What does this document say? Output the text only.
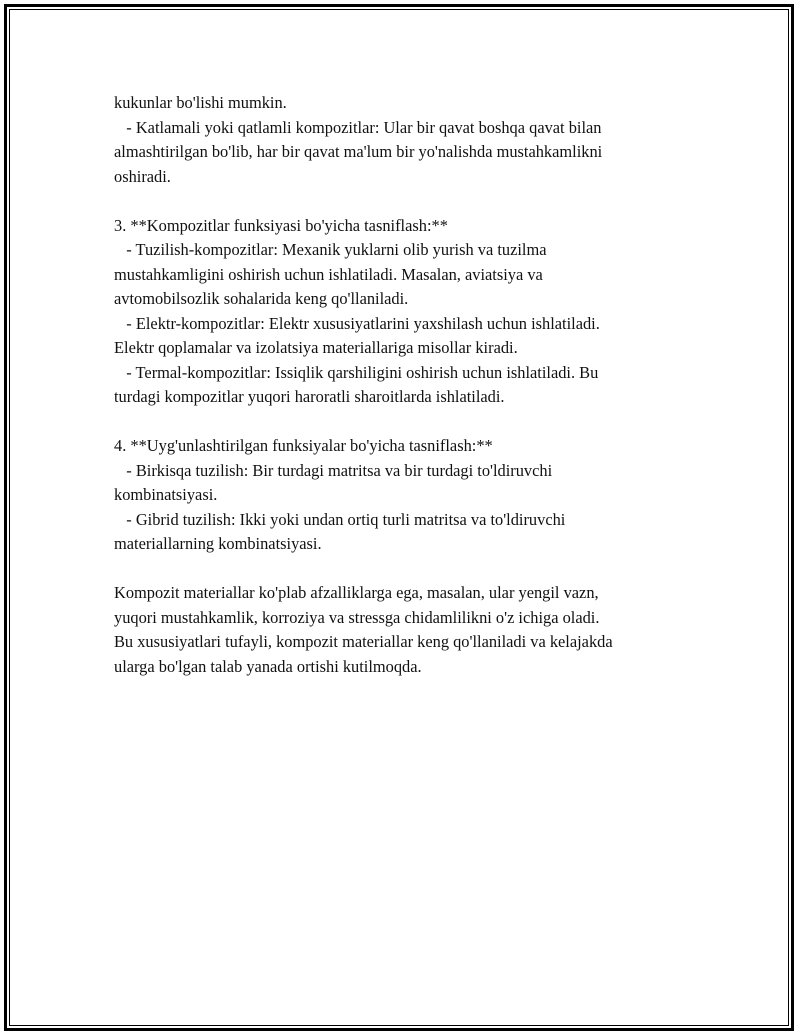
kukunlar bo'lishi mumkin.
- Katlamali yoki qatlamli kompozitlar: Ular bir qavat boshqa qavat bilan
almashtirilgan bo'lib, har bir qavat ma'lum bir yo'nalishda mustahkamlikni
oshiradi.
3. **Kompozitlar funksiyasi bo'yicha tasniflash:**
- Tuzilish-kompozitlar: Mexanik yuklarni olib yurish va tuzilma
mustahkamligini oshirish uchun ishlatiladi. Masalan, aviatsiya va
avtomobilsozlik sohalarida keng qo'llaniladi.
- Elektr-kompozitlar: Elektr xususiyatlarini yaxshilash uchun ishlatiladi.
Elektr qoplamalar va izolatsiya materiallariga misollar kiradi.
- Termal-kompozitlar: Issiqlik qarshiligini oshirish uchun ishlatiladi. Bu
turdagi kompozitlar yuqori haroratli sharoitlarda ishlatiladi.
4. **Uyg'unlashtirilgan funksiyalar bo'yicha tasniflash:**
- Birkisqa tuzilish: Bir turdagi matritsa va bir turdagi to'ldiruvchi
kombinatsiyasi.
- Gibrid tuzilish: Ikki yoki undan ortiq turli matritsa va to'ldiruvchi
materiallarning kombinatsiyasi.
Kompozit materiallar ko'plab afzalliklarga ega, masalan, ular yengil vazn,
yuqori mustahkamlik, korroziya va stressga chidamlilikni o'z ichiga oladi.
Bu xususiyatlari tufayli, kompozit materiallar keng qo'llaniladi va kelajakda
ularga bo'lgan talab yanada ortishi kutilmoqda.
